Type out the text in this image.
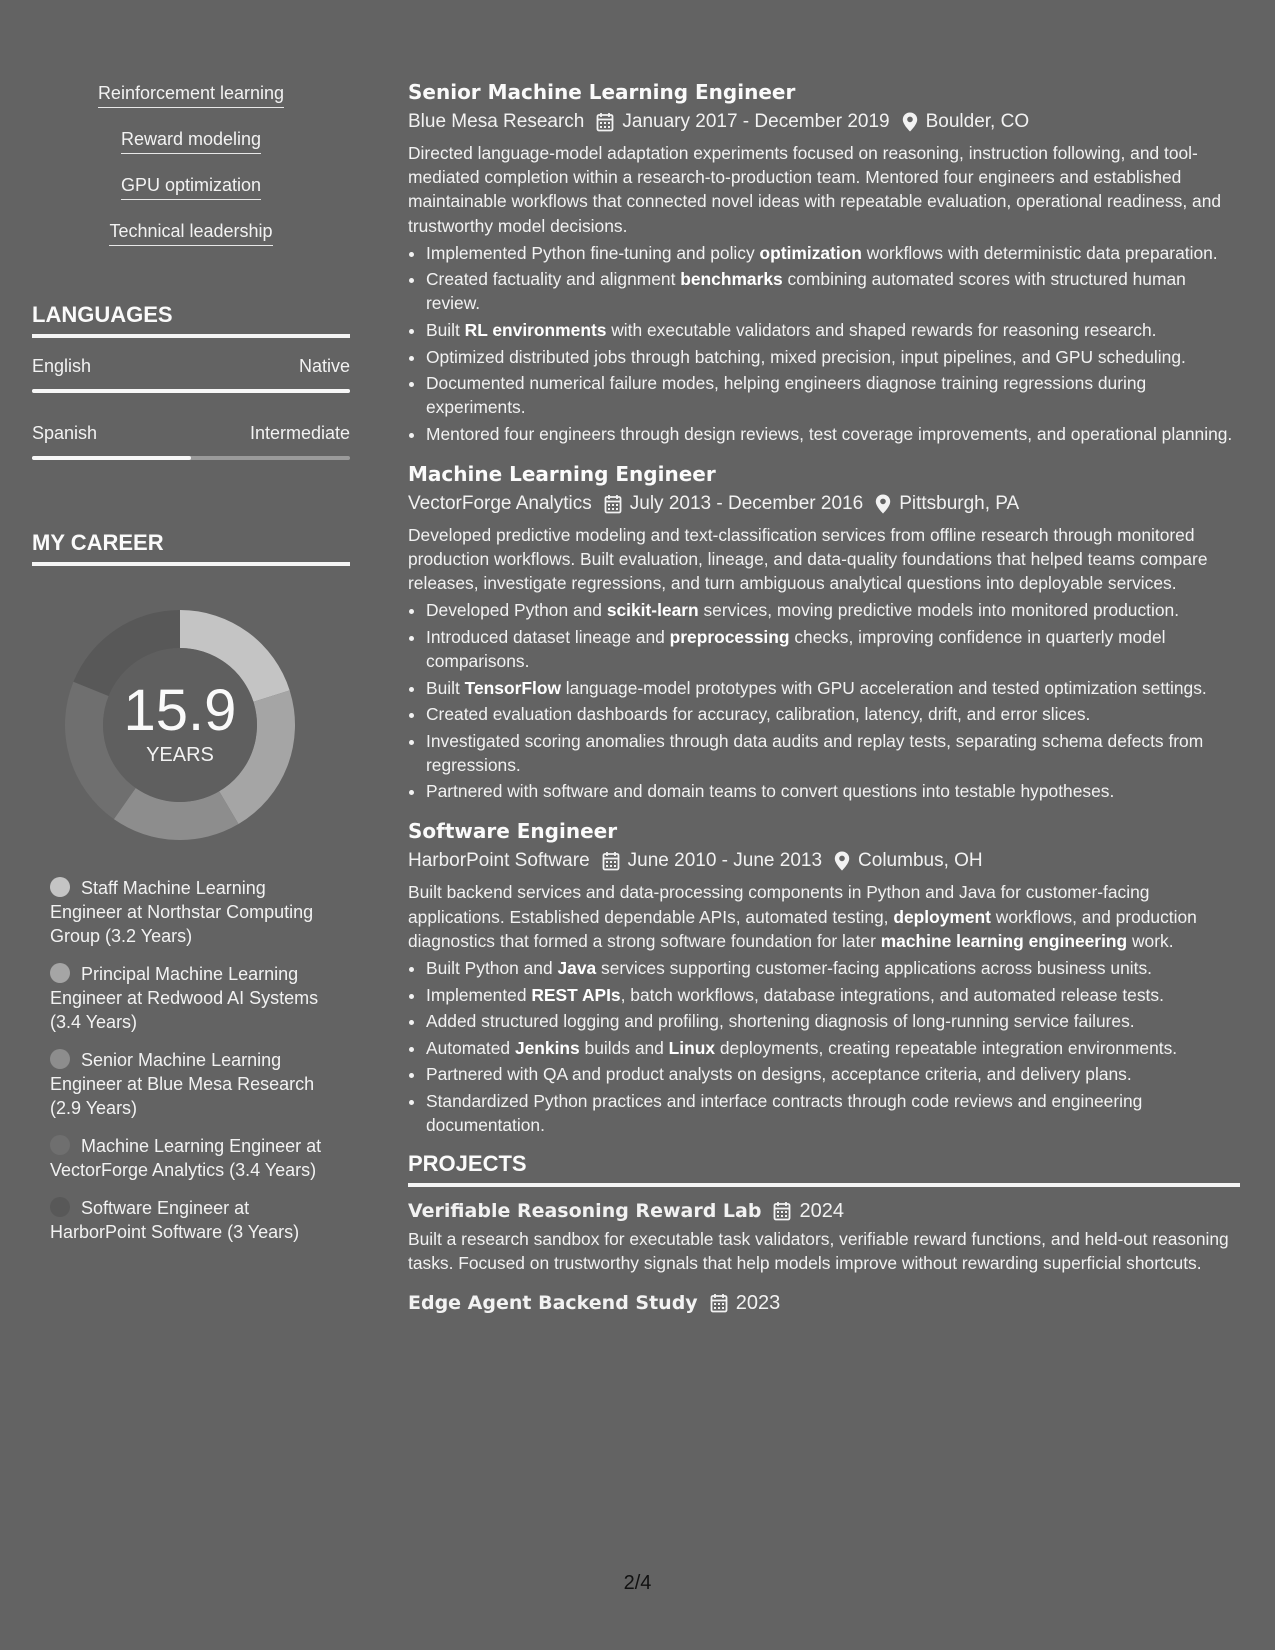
Reinforcement learning
Reward modeling
GPU optimization
Technical leadership
LANGUAGES
English	Native
Spanish	Intermediate
MY CAREER
15.9
YEARS
Staff Machine Learning Engineer at Northstar Computing Group (3.2 Years)
Principal Machine Learning Engineer at Redwood AI Systems (3.4 Years)
Senior Machine Learning Engineer at Blue Mesa Research (2.9 Years)
Machine Learning Engineer at VectorForge Analytics (3.4 Years)
Software Engineer at HarborPoint Software (3 Years)
Senior Machine Learning Engineer
Blue Mesa Research January 2017 - December 2019 Boulder, CO
Directed language-model adaptation experiments focused on reasoning, instruction following, and tool-mediated completion within a research-to-production team. Mentored four engineers and established maintainable workflows that connected novel ideas with repeatable evaluation, operational readiness, and trustworthy model decisions.
• Implemented Python fine-tuning and policy optimization workflows with deterministic data preparation.
• Created factuality and alignment benchmarks combining automated scores with structured human review.
• Built RL environments with executable validators and shaped rewards for reasoning research.
• Optimized distributed jobs through batching, mixed precision, input pipelines, and GPU scheduling.
• Documented numerical failure modes, helping engineers diagnose training regressions during experiments.
• Mentored four engineers through design reviews, test coverage improvements, and operational planning.
Machine Learning Engineer
VectorForge Analytics July 2013 - December 2016 Pittsburgh, PA
Developed predictive modeling and text-classification services from offline research through monitored production workflows. Built evaluation, lineage, and data-quality foundations that helped teams compare releases, investigate regressions, and turn ambiguous analytical questions into deployable services.
• Developed Python and scikit-learn services, moving predictive models into monitored production.
• Introduced dataset lineage and preprocessing checks, improving confidence in quarterly model comparisons.
• Built TensorFlow language-model prototypes with GPU acceleration and tested optimization settings.
• Created evaluation dashboards for accuracy, calibration, latency, drift, and error slices.
• Investigated scoring anomalies through data audits and replay tests, separating schema defects from regressions.
• Partnered with software and domain teams to convert questions into testable hypotheses.
Software Engineer
HarborPoint Software June 2010 - June 2013 Columbus, OH
Built backend services and data-processing components in Python and Java for customer-facing applications. Established dependable APIs, automated testing, deployment workflows, and production diagnostics that formed a strong software foundation for later machine learning engineering work.
• Built Python and Java services supporting customer-facing applications across business units.
• Implemented REST APIs, batch workflows, database integrations, and automated release tests.
• Added structured logging and profiling, shortening diagnosis of long-running service failures.
• Automated Jenkins builds and Linux deployments, creating repeatable integration environments.
• Partnered with QA and product analysts on designs, acceptance criteria, and delivery plans.
• Standardized Python practices and interface contracts through code reviews and engineering documentation.
PROJECTS
Verifiable Reasoning Reward Lab 2024
Built a research sandbox for executable task validators, verifiable reward functions, and held-out reasoning tasks. Focused on trustworthy signals that help models improve without rewarding superficial shortcuts.
Edge Agent Backend Study 2023
2/4
